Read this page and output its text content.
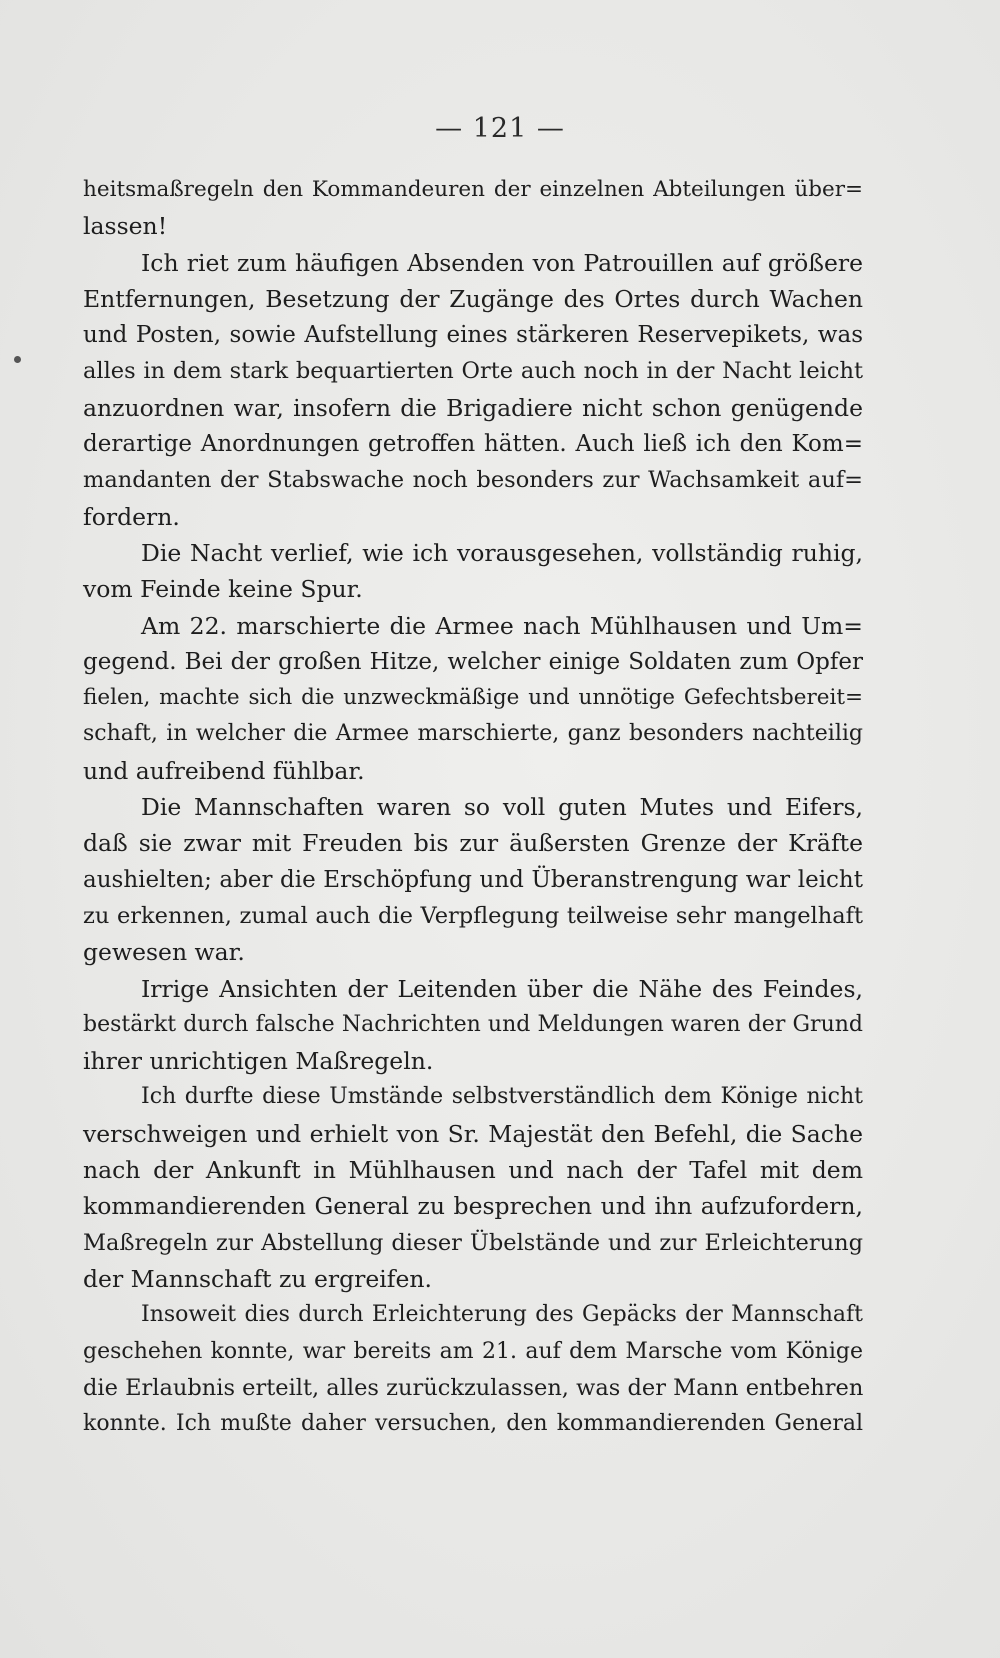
— 121 —
heitsmaßregeln den Kommandeuren der einzelnen Abteilungen über=
lassen!
Ich riet zum häufigen Absenden von Patrouillen auf größere
Entfernungen, Besetzung der Zugänge des Ortes durch Wachen
und Posten, sowie Aufstellung eines stärkeren Reservepikets, was
alles in dem stark bequartierten Orte auch noch in der Nacht leicht
anzuordnen war, insofern die Brigadiere nicht schon genügende
derartige Anordnungen getroffen hätten. Auch ließ ich den Kom=
mandanten der Stabswache noch besonders zur Wachsamkeit auf=
fordern.
Die Nacht verlief, wie ich vorausgesehen, vollständig ruhig,
vom Feinde keine Spur.
Am 22. marschierte die Armee nach Mühlhausen und Um=
gegend. Bei der großen Hitze, welcher einige Soldaten zum Opfer
fielen, machte sich die unzweckmäßige und unnötige Gefechtsbereit=
schaft, in welcher die Armee marschierte, ganz besonders nachteilig
und aufreibend fühlbar.
Die Mannschaften waren so voll guten Mutes und Eifers,
daß sie zwar mit Freuden bis zur äußersten Grenze der Kräfte
aushielten; aber die Erschöpfung und Überanstrengung war leicht
zu erkennen, zumal auch die Verpflegung teilweise sehr mangelhaft
gewesen war.
Irrige Ansichten der Leitenden über die Nähe des Feindes,
bestärkt durch falsche Nachrichten und Meldungen waren der Grund
ihrer unrichtigen Maßregeln.
Ich durfte diese Umstände selbstverständlich dem Könige nicht
verschweigen und erhielt von Sr. Majestät den Befehl, die Sache
nach der Ankunft in Mühlhausen und nach der Tafel mit dem
kommandierenden General zu besprechen und ihn aufzufordern,
Maßregeln zur Abstellung dieser Übelstände und zur Erleichterung
der Mannschaft zu ergreifen.
Insoweit dies durch Erleichterung des Gepäcks der Mannschaft
geschehen konnte, war bereits am 21. auf dem Marsche vom Könige
die Erlaubnis erteilt, alles zurückzulassen, was der Mann entbehren
konnte. Ich mußte daher versuchen, den kommandierenden General
